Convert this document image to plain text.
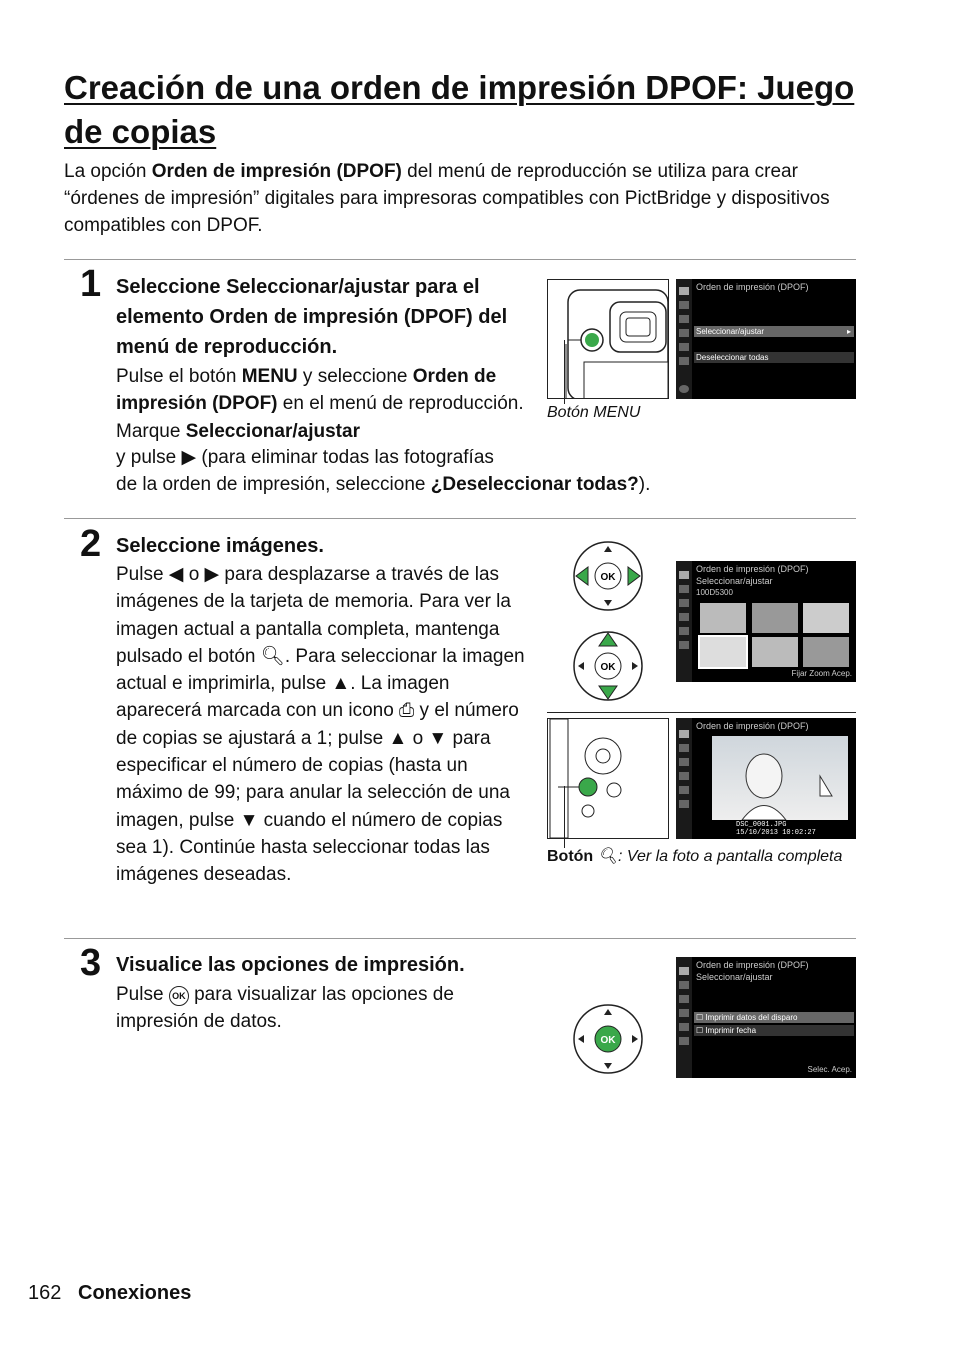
Creación de una orden de impresión DPOF: Juego de copias
La opción Orden de impresión (DPOF) del menú de reproducción se utiliza para crear “órdenes de impresión” digitales para impresoras compatibles con PictBridge y dispositivos compatibles con DPOF.
1 Seleccione Seleccionar/ajustar para el elemento Orden de impresión (DPOF) del menú de reproducción.
Pulse el botón MENU y seleccione Orden de impresión (DPOF) en el menú de reproducción. Marque Seleccionar/ajustar
y pulse ▶ (para eliminar todas las fotografías
de la orden de impresión, seleccione ¿Deseleccionar todas?).
Botón MENU
Orden de impresión (DPOF)
Seleccionar/ajustar	▸
Deseleccionar todas
2 Seleccione imágenes.
Pulse ◀ o ▶ para desplazarse a través de las imágenes de la tarjeta de memoria. Para ver la imagen actual a pantalla completa, mantenga pulsado el botón 🔍︎. Para seleccionar la imagen actual e imprimirla, pulse ▲. La imagen aparecerá marcada con un icono ⎙ y el número de copias se ajustará a 1; pulse ▲ o ▼ para especificar el número de copias (hasta un máximo de 99; para anular la selección de una imagen, pulse ▼ cuando el número de copias sea 1). Continúe hasta seleccionar todas las imágenes deseadas.
OK
OK
Orden de impresión (DPOF)
Seleccionar/ajustar
100D5300
Fijar Zoom Acep.
Botón 🔍︎: Ver la foto a pantalla completa
Orden de impresión (DPOF)
DSC_0001.JPG
15/10/2013 10:02:27
3 Visualice las opciones de impresión.
Pulse OK para visualizar las opciones de impresión de datos.
OK
Orden de impresión (DPOF)
Seleccionar/ajustar
☐ Imprimir datos del disparo
☐ Imprimir fecha
Selec. Acep.
162 Conexiones
